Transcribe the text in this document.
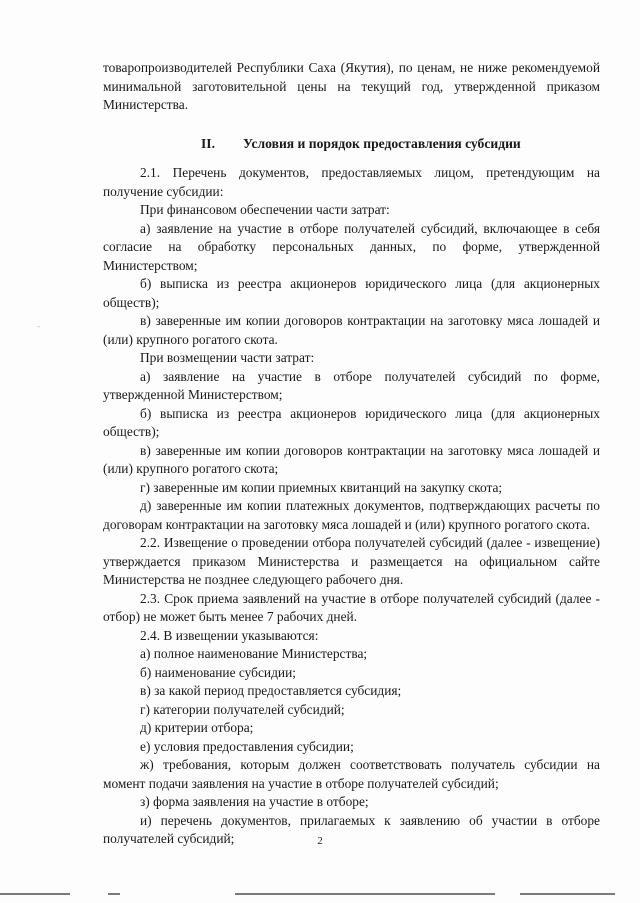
-

товаропроизводителей Республики Саха (Якутия), по ценам, не ниже рекомендуемой минимальной заготовительной цены на текущий год, утвержденной приказом Министерства.

II. Условия и порядок предоставления субсидии

2.1. Перечень документов, предоставляемых лицом, претендующим на получение субсидии:

При финансовом обеспечении части затрат:

а) заявление на участие в отборе получателей субсидий, включающее в себя согласие на обработку персональных данных, по форме, утвержденной Министерством;

б) выписка из реестра акционеров юридического лица (для акционерных обществ);

в) заверенные им копии договоров контрактации на заготовку мяса лошадей и (или) крупного рогатого скота.

При возмещении части затрат:

а) заявление на участие в отборе получателей субсидий по форме, утвержденной Министерством;

б) выписка из реестра акционеров юридического лица (для акционерных обществ);

в) заверенные им копии договоров контрактации на заготовку мяса лошадей и (или) крупного рогатого скота;

г) заверенные им копии приемных квитанций на закупку скота;

д) заверенные им копии платежных документов, подтверждающих расчеты по договорам контрактации на заготовку мяса лошадей и (или) крупного рогатого скота.

2.2. Извещение о проведении отбора получателей субсидий (далее - извещение) утверждается приказом Министерства и размещается на официальном сайте Министерства не позднее следующего рабочего дня.

2.3. Срок приема заявлений на участие в отборе получателей субсидий (далее - отбор) не может быть менее 7 рабочих дней.

2.4. В извещении указываются:

а) полное наименование Министерства;

б) наименование субсидии;

в) за какой период предоставляется субсидия;

г) категории получателей субсидий;

д) критерии отбора;

е) условия предоставления субсидии;

ж) требования, которым должен соответствовать получатель субсидии на момент подачи заявления на участие в отборе получателей субсидий;

з) форма заявления на участие в отборе;

и) перечень документов, прилагаемых к заявлению об участии в отборе получателей субсидий;	2
